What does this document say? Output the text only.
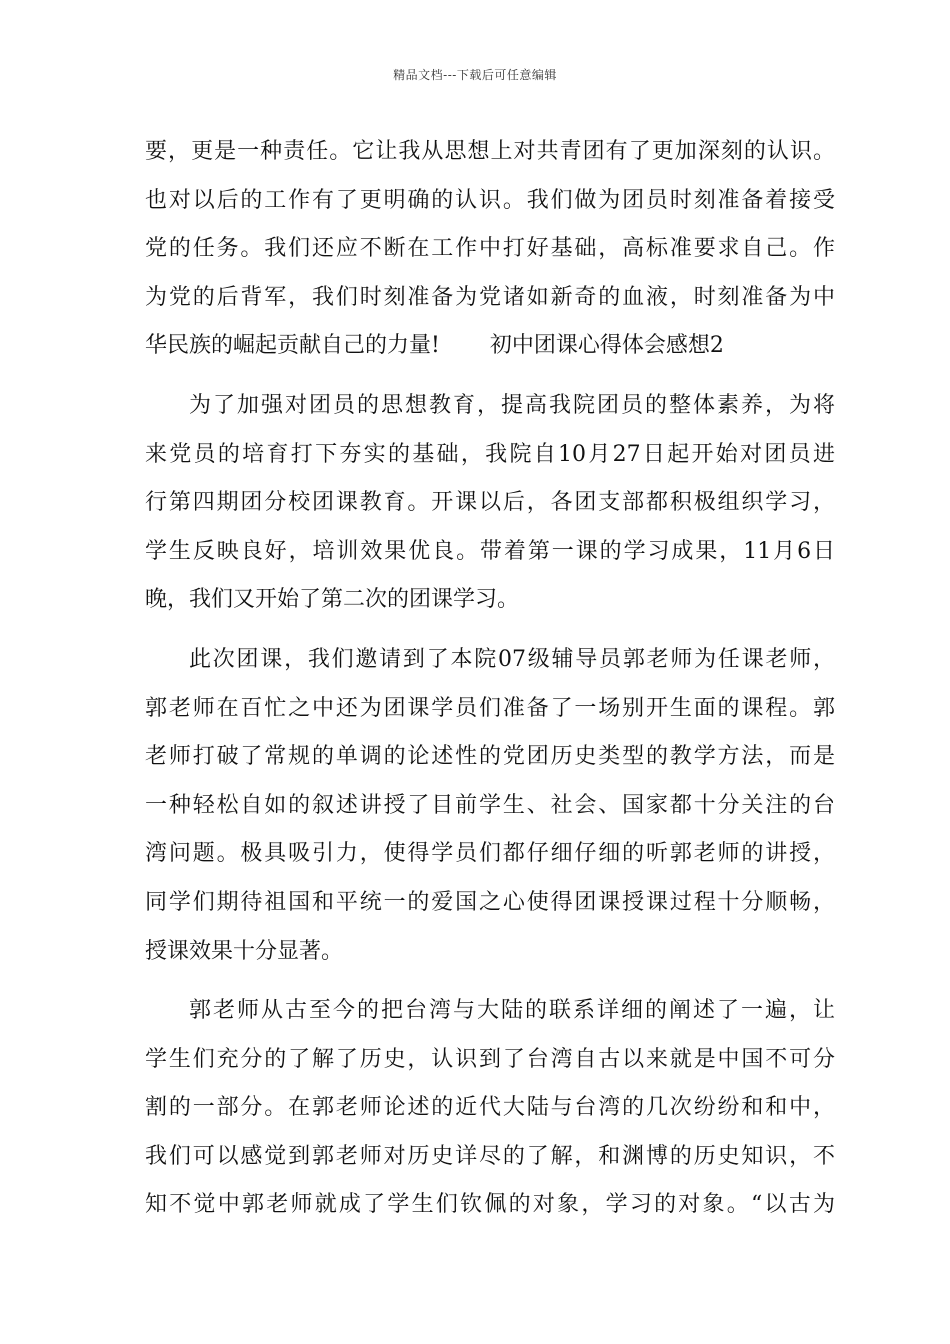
精品文档---下载后可任意编辑
要，更是一种责任。它让我从思想上对共青团有了更加深刻的认识。
也对以后的工作有了更明确的认识。我们做为团员时刻准备着接受
党的任务。我们还应不断在工作中打好基础，高标准要求自己。作
为党的后背军，我们时刻准备为党诸如新奇的血液，时刻准备为中
华民族的崛起贡献自己的力量! 初中团课心得体会感想2
为了加强对团员的思想教育，提高我院团员的整体素养，为将
来党员的培育打下夯实的基础，我院自10月27日起开始对团员进
行第四期团分校团课教育。开课以后，各团支部都积极组织学习，
学生反映良好，培训效果优良。带着第一课的学习成果，11月6日
晚，我们又开始了第二次的团课学习。
此次团课，我们邀请到了本院07级辅导员郭老师为任课老师，
郭老师在百忙之中还为团课学员们准备了一场别开生面的课程。郭
老师打破了常规的单调的论述性的党团历史类型的教学方法，而是
一种轻松自如的叙述讲授了目前学生、社会、国家都十分关注的台
湾问题。极具吸引力，使得学员们都仔细仔细的听郭老师的讲授，
同学们期待祖国和平统一的爱国之心使得团课授课过程十分顺畅，
授课效果十分显著。
郭老师从古至今的把台湾与大陆的联系详细的阐述了一遍，让
学生们充分的了解了历史，认识到了台湾自古以来就是中国不可分
割的一部分。在郭老师论述的近代大陆与台湾的几次纷纷和和中，
我们可以感觉到郭老师对历史详尽的了解，和渊博的历史知识，不
知不觉中郭老师就成了学生们钦佩的对象，学习的对象。“以古为
